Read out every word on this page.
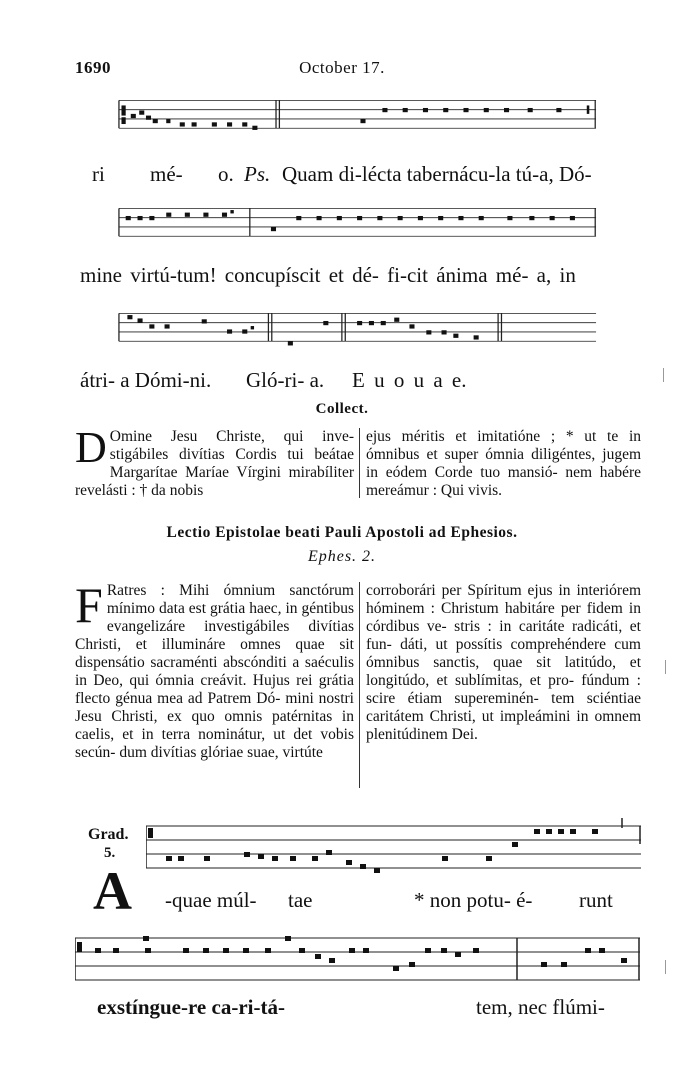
1690	October 17.
ri mé- o. Ps. Quam di-lécta tabernácu-la tú-a, Dó-
mine virtú-tum! concupíscit et dé- fi-cit ánima mé- a, in
átri- a Dómi-ni. Gló-ri- a. E u o u a e.
Collect.
D Omine Jesu Christe, qui inve- stigábiles divítias Cordis tui beátae Margarítae Maríae Vírgini mirabíliter revelásti : † da nobis
ejus méritis et imitatióne ; * ut te in ómnibus et super ómnia diligéntes, jugem in eódem Corde tuo mansió- nem habére mereámur : Qui vivis.
Lectio Epistolae beati Pauli Apostoli ad Ephesios.
Ephes. 2.
F Ratres : Mihi ómnium sanctórum mínimo data est grátia haec, in géntibus evangelizáre investigábiles divítias Christi, et illumináre omnes quae sit dispensátio sacraménti abscónditi a saéculis in Deo, qui ómnia creávit. Hujus rei grátia flecto génua mea ad Patrem Dó- mini nostri Jesu Christi, ex quo omnis patérnitas in caelis, et in terra nominátur, ut det vobis secún- dum divítias glóriae suae, virtúte
corroborári per Spíritum ejus in interiórem hóminem : Christum habitáre per fidem in córdibus ve- stris : in caritáte radicáti, et fun- dáti, ut possítis comprehéndere cum ómnibus sanctis, quae sit latitúdo, et longitúdo, et sublímitas, et pro- fúndum : scire étiam supereminén- tem sciéntiae caritátem Christi, ut impleámini in omnem plenitúdinem Dei.
Grad.
5.
A -quae múl- tae	* non potu- é- runt
exstíngue-re ca-ri-tá-	tem, nec flúmi-
